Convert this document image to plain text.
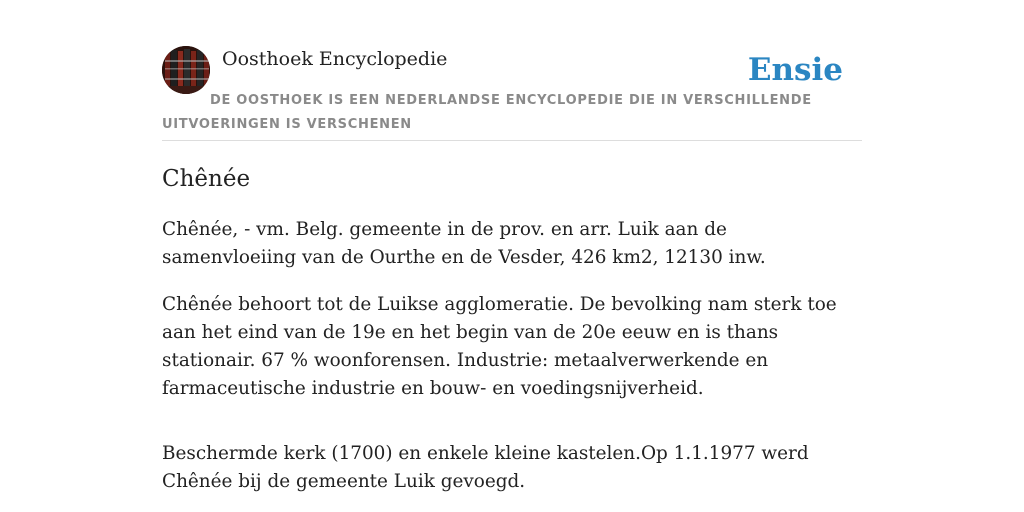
Oosthoek Encyclopedie	Ensie
DE OOSTHOEK IS EEN NEDERLANDSE ENCYCLOPEDIE DIE IN VERSCHILLENDE UITVOERINGEN IS VERSCHENEN
Chênée

Chênée, - vm. Belg. gemeente in de prov. en arr. Luik aan de samenvloeiing van de Ourthe en de Vesder, 426 km2, 12130 inw.

Chênée behoort tot de Luikse agglomeratie. De bevolking nam sterk toe aan het eind van de 19e en het begin van de 20e eeuw en is thans stationair. 67 % woonforensen. Industrie: metaalverwerkende en farmaceutische industrie en bouw- en voedingsnijverheid.

Beschermde kerk (1700) en enkele kleine kastelen.Op 1.1.1977 werd Chênée bij de gemeente Luik gevoegd.
